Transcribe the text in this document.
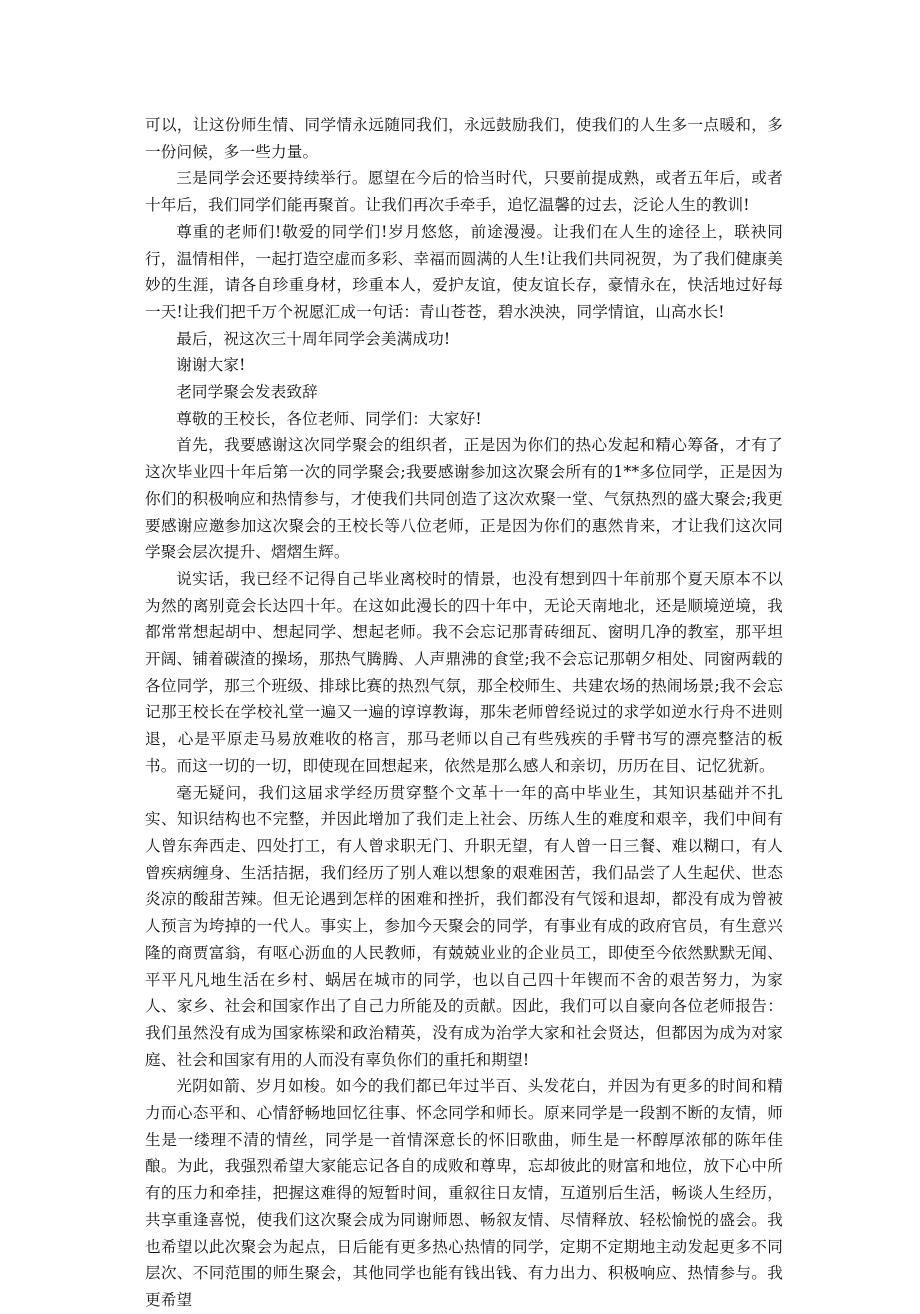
可以，让这份师生情、同学情永远随同我们，永远鼓励我们，使我们的人生多一点暖和，多一份问候，多一些力量。

三是同学会还要持续举行。愿望在今后的恰当时代，只要前提成熟，或者五年后，或者十年后，我们同学们能再聚首。让我们再次手牵手，追忆温馨的过去，泛论人生的教训!

尊重的老师们!敬爱的同学们!岁月悠悠，前途漫漫。让我们在人生的途径上，联袂同行，温情相伴，一起打造空虚而多彩、幸福而圆满的人生!让我们共同祝贺，为了我们健康美妙的生涯，请各自珍重身材，珍重本人，爱护友谊，使友谊长存，豪情永在，快活地过好每一天!让我们把千万个祝愿汇成一句话：青山苍苍，碧水泱泱，同学情谊，山高水长!

最后，祝这次三十周年同学会美满成功!

谢谢大家!

老同学聚会发表致辞

尊敬的王校长，各位老师、同学们：大家好!

首先，我要感谢这次同学聚会的组织者，正是因为你们的热心发起和精心筹备，才有了这次毕业四十年后第一次的同学聚会;我要感谢参加这次聚会所有的1**多位同学，正是因为你们的积极响应和热情参与，才使我们共同创造了这次欢聚一堂、气氛热烈的盛大聚会;我更要感谢应邀参加这次聚会的王校长等八位老师，正是因为你们的惠然肯来，才让我们这次同学聚会层次提升、熠熠生辉。

说实话，我已经不记得自己毕业离校时的情景，也没有想到四十年前那个夏天原本不以为然的离别竟会长达四十年。在这如此漫长的四十年中，无论天南地北，还是顺境逆境，我都常常想起胡中、想起同学、想起老师。我不会忘记那青砖细瓦、窗明几净的教室，那平坦开阔、铺着碳渣的操场，那热气腾腾、人声鼎沸的食堂;我不会忘记那朝夕相处、同窗两载的各位同学，那三个班级、排球比赛的热烈气氛，那全校师生、共建农场的热闹场景;我不会忘记那王校长在学校礼堂一遍又一遍的谆谆教诲，那朱老师曾经说过的求学如逆水行舟不进则退，心是平原走马易放难收的格言，那马老师以自己有些残疾的手臂书写的漂亮整洁的板书。而这一切的一切，即使现在回想起来，依然是那么感人和亲切，历历在目、记忆犹新。

毫无疑问，我们这届求学经历贯穿整个文革十一年的高中毕业生，其知识基础并不扎实、知识结构也不完整，并因此增加了我们走上社会、历练人生的难度和艰辛，我们中间有人曾东奔西走、四处打工，有人曾求职无门、升职无望，有人曾一日三餐、难以糊口，有人曾疾病缠身、生活拮据，我们经历了别人难以想象的艰难困苦，我们品尝了人生起伏、世态炎凉的酸甜苦辣。但无论遇到怎样的困难和挫折，我们都没有气馁和退却，都没有成为曾被人预言为垮掉的一代人。事实上，参加今天聚会的同学，有事业有成的政府官员，有生意兴隆的商贾富翁，有呕心沥血的人民教师，有兢兢业业的企业员工，即使至今依然默默无闻、平平凡凡地生活在乡村、蜗居在城市的同学，也以自己四十年锲而不舍的艰苦努力，为家人、家乡、社会和国家作出了自己力所能及的贡献。因此，我们可以自豪向各位老师报告：我们虽然没有成为国家栋梁和政治精英，没有成为治学大家和社会贤达，但都因为成为对家庭、社会和国家有用的人而没有辜负你们的重托和期望!

光阴如箭、岁月如梭。如今的我们都已年过半百、头发花白，并因为有更多的时间和精力而心态平和、心情舒畅地回忆往事、怀念同学和师长。原来同学是一段割不断的友情，师生是一缕理不清的情丝，同学是一首情深意长的怀旧歌曲，师生是一杯醇厚浓郁的陈年佳酿。为此，我强烈希望大家能忘记各自的成败和尊卑，忘却彼此的财富和地位，放下心中所有的压力和牵挂，把握这难得的短暂时间，重叙往日友情，互道别后生活，畅谈人生经历，共享重逢喜悦，使我们这次聚会成为同谢师恩、畅叙友情、尽情释放、轻松愉悦的盛会。我也希望以此次聚会为起点，日后能有更多热心热情的同学，定期不定期地主动发起更多不同层次、不同范围的师生聚会，其他同学也能有钱出钱、有力出力、积极响应、热情参与。我更希望
